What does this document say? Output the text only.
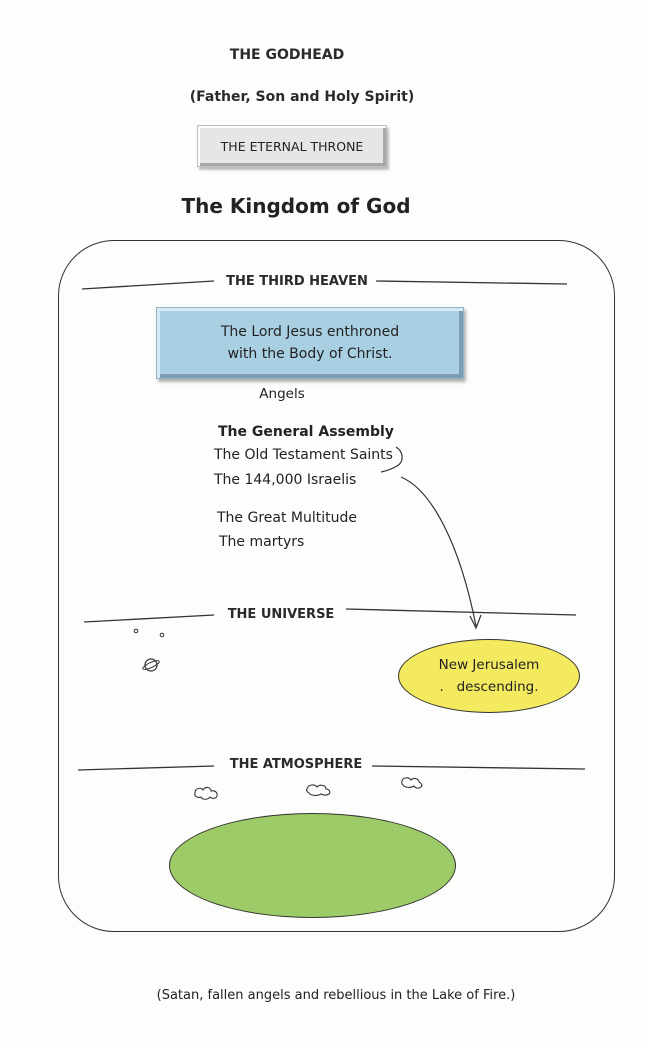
THE GODHEAD
(Father, Son and Holy Spirit)
THE ETERNAL THRONE
The Kingdom of God
THE THIRD HEAVEN
The Lord Jesus enthroned
with the Body of Christ.
Angels
The General Assembly
The Old Testament Saints
The 144,000 Israelis
The Great Multitude
The martyrs
THE UNIVERSE
New Jerusalem
.   descending.
THE ATMOSPHERE
(Satan, fallen angels and rebellious in the Lake of Fire.)
